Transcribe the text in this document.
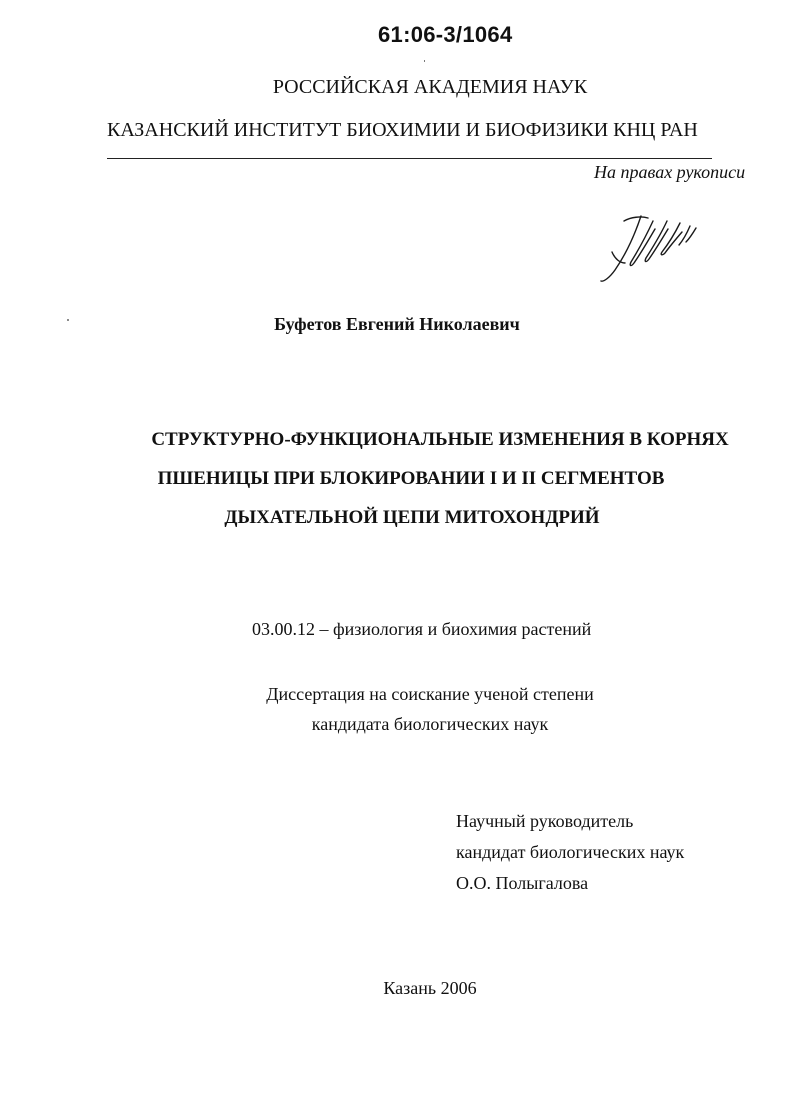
61:06-3/1064
РОССИЙСКАЯ АКАДЕМИЯ НАУК
КАЗАНСКИЙ ИНСТИТУТ БИОХИМИИ И БИОФИЗИКИ КНЦ РАН
На правах рукописи
Буфетов Евгений Николаевич
СТРУКТУРНО-ФУНКЦИОНАЛЬНЫЕ ИЗМЕНЕНИЯ В КОРНЯХ
ПШЕНИЦЫ ПРИ БЛОКИРОВАНИИ I И II СЕГМЕНТОВ
ДЫХАТЕЛЬНОЙ ЦЕПИ МИТОХОНДРИЙ
03.00.12 – физиология и биохимия растений
Диссертация на соискание ученой степени
кандидата биологических наук
Научный руководитель
кандидат биологических наук
О.О. Полыгалова
Казань 2006
